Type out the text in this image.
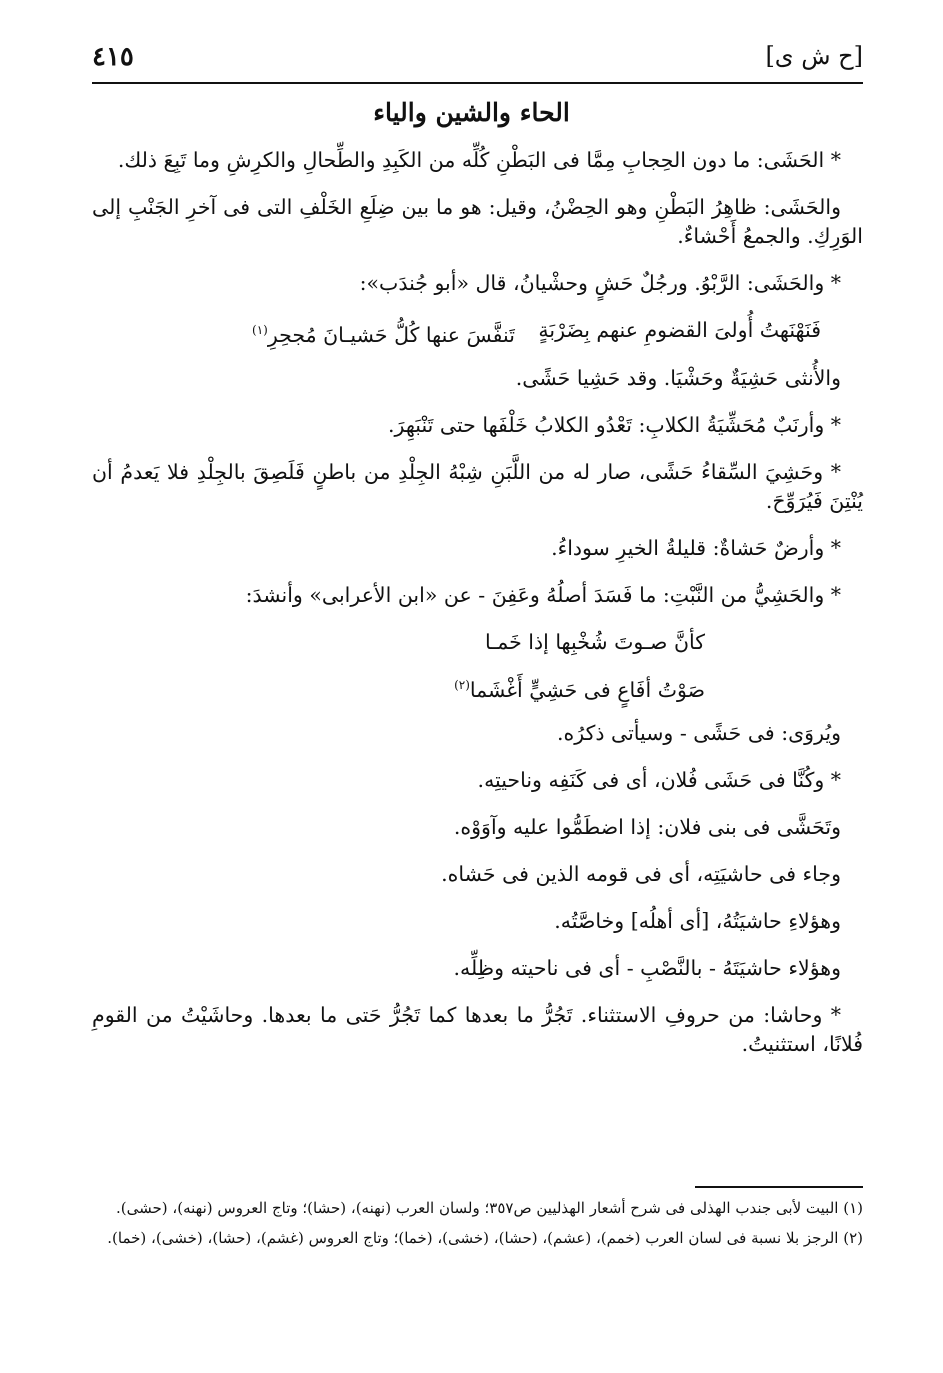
[ح ش ى]
٤١٥
الحاء والشين والياء

* الحَشَى: ما دون الحِجابِ مِمَّا فى البَطْنِ كُلِّه من الكَبِدِ والطِّحالِ والكرِشِ وما تَبِعَ ذلك.

والحَشَى: ظاهِرُ البَطْنِ وهو الحِضْنُ، وقيل: هو ما بين ضِلَعِ الخَلْفِ التى فى آخرِ الجَنْبِ إلى الوَرِكِ. والجمعُ أَحْشاءٌ.

* والحَشَى: الرَّبْوُ. ورجُلٌ حَشٍ وحشْيانُ، قال «أبو جُندَب»:

فَنَهْنَهتُ أُولىَ القضومِ عنهم بِضَرْبَةٍ
تَنفَّسَ عنها كُلُّ حَشيـانَ مُجحِرِ$^{(١)}$

والأُنثى حَشِيَةٌ وحَشْيَا. وقد حَشِيا حَشًى.

* وأرنَبٌ مُحَشِّيَةُ الكلابِ: تَعْدُو الكلابُ خَلْفَها حتى تَنْبَهِرَ.

* وحَشِيَ السِّقاءُ حَشًى، صار له من اللَّبَنِ شِبْهُ الجِلْدِ من باطنٍ فَلَصِقَ بالجِلْدِ فلا يَعدمُ أن يُنْتِنَ فَيُرَوِّحَ.

* وأرضٌ حَشاةٌ: قليلةُ الخيرِ سوداءُ.

* والحَشِيُّ من النَّبْتِ: ما فَسَدَ أصلُهُ وعَفِنَ - عن «ابن الأعرابى» وأنشدَ:

كأنَّ صـوتَ شُخْبِها إذا خَمـا
صَوْتُ أفَاعٍ فى حَشِيٍّ أَغْشَما$^{(٢)}$

ويُروَى: فى حَشًى - وسيأتى ذكرُه.

* وكُنَّا فى حَشَى فُلان، أى فى كَنَفِه وناحيتِه.

وتَحَشَّى فى بنى فلان: إذا اضطَمُّوا عليه وآوَوْه.

وجاء فى حاشيَتِه، أى فى قومه الذين فى حَشاه.

وهؤلاءِ حاشيَتُهُ، [أى أهلُه] وخاصَّتُه.

وهؤلاء حاشيَتَهُ - بالنَّصْبِ - أى فى ناحيته وظِلِّه.

* وحاشا: من حروفِ الاستثناء. تَجُرُّ ما بعدها كما تَجُرُّ حَتى ما بعدها. وحاشَيْتُ من القومِ فُلانًا، استثنيتُ.

(١) البيت لأبى جندب الهذلى فى شرح أشعار الهذليين ص٣٥٧؛ ولسان العرب (نهنه)، (حشا)؛ وتاج العروس (نهنه)، (حشى).

(٢) الرجز بلا نسبة فى لسان العرب (خمم)، (عشم)، (حشا)، (خشى)، (خما)؛ وتاج العروس (غشم)، (حشا)، (خشى)، (خما).
